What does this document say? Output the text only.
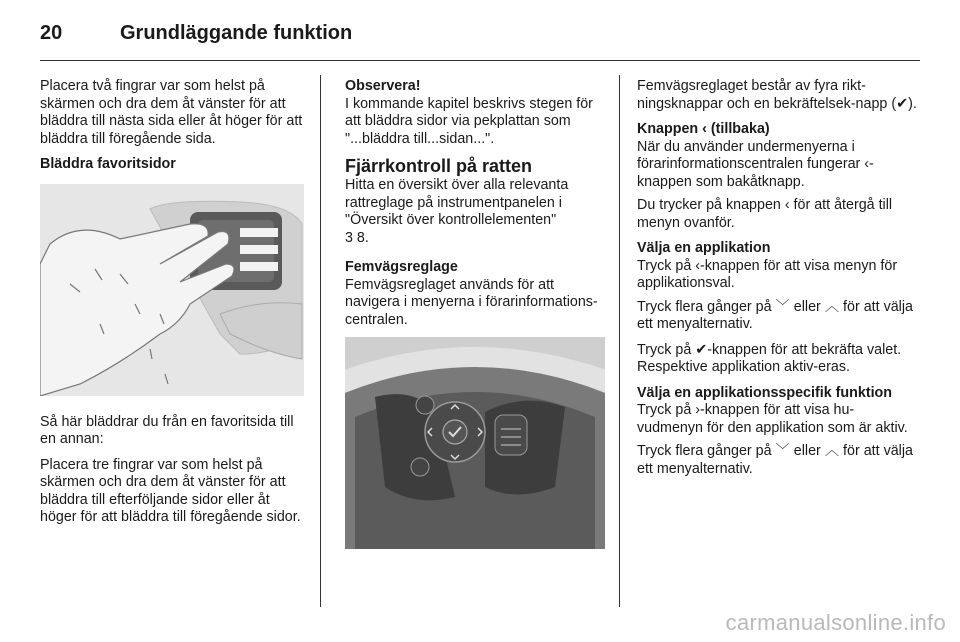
20	Grundläggande funktion

Placera två fingrar var som helst på skärmen och dra dem åt vänster för att bläddra till nästa sida eller åt höger för att bläddra till föregående sida.

Bläddra favoritsidor

Så här bläddrar du från en favoritsida till en annan:

Placera tre fingrar var som helst på skärmen och dra dem åt vänster för att bläddra till efterföljande sidor eller åt höger för att bläddra till föregående sidor.

Observera!
I kommande kapitel beskrivs stegen för att bläddra sidor via pekplattan som "...bläddra till...sidan...".

Fjärrkontroll på ratten

Hitta en översikt över alla relevanta rattreglage på instrumentpanelen i "Översikt över kontrollelementen"
3 8.

Femvägsreglage
Femvägsreglaget används för att navigera i menyerna i förarinformations-centralen.

Femvägsreglaget består av fyra rikt-ningsknappar och en bekräftelsek-napp (✔).

Knappen ‹ (tillbaka)
När du använder undermenyerna i förarinformationscentralen fungerar ‹-knappen som bakåtknapp.

Du trycker på knappen ‹ för att återgå till menyn ovanför.

Välja en applikation
Tryck på ‹-knappen för att visa menyn för applikationsval.

Tryck flera gånger på ﹀ eller ︿ för att välja ett menyalternativ.

Tryck på ✔-knappen för att bekräfta valet. Respektive applikation aktiv-eras.

Välja en applikationsspecifik funktion
Tryck på ›-knappen för att visa hu-vudmenyn för den applikation som är aktiv.

Tryck flera gånger på ﹀ eller ︿ för att välja ett menyalternativ.

carmanualsonline.info
